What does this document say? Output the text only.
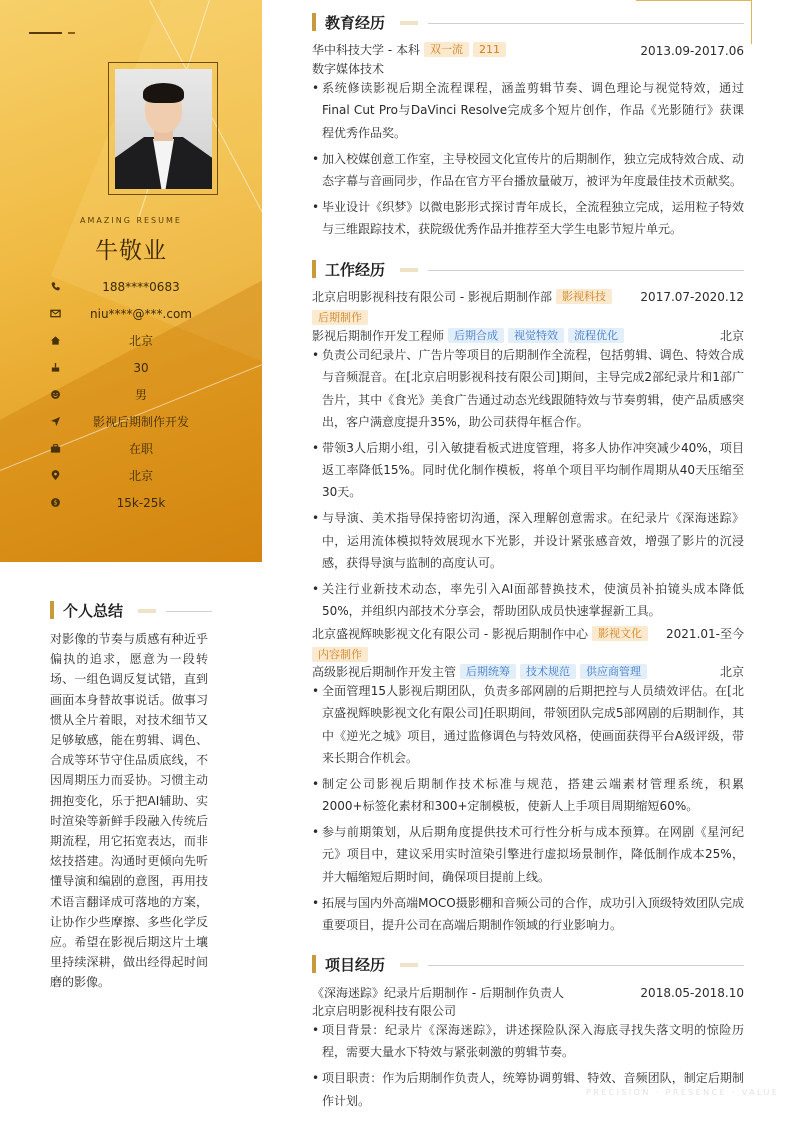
AMAZING RESUME
牛敬业
188****0683
niu****@***.com
北京
30
男
影视后期制作开发
在职
北京
$	15k-25k
个人总结
对影像的节奏与质感有种近乎偏执的追求，愿意为一段转场、一组色调反复试错，直到画面本身替故事说话。做事习惯从全片着眼，对技术细节又足够敏感，能在剪辑、调色、合成等环节守住品质底线，不因周期压力而妥协。习惯主动拥抱变化，乐于把AI辅助、实时渲染等新鲜手段融入传统后期流程，用它拓宽表达，而非炫技搭建。沟通时更倾向先听懂导演和编剧的意图，再用技术语言翻译成可落地的方案，让协作少些摩擦、多些化学反应。希望在影视后期这片土壤里持续深耕，做出经得起时间磨的影像。
教育经历
华中科技大学 - 本科 双一流 211	2013.09-2017.06
数字媒体技术
• 系统修读影视后期全流程课程，涵盖剪辑节奏、调色理论与视觉特效，通过Final Cut Pro与DaVinci Resolve完成多个短片创作，作品《光影随行》获课程优秀作品奖。
• 加入校媒创意工作室，主导校园文化宣传片的后期制作，独立完成特效合成、动态字幕与音画同步，作品在官方平台播放量破万，被评为年度最佳技术贡献奖。
• 毕业设计《织梦》以微电影形式探讨青年成长，全流程独立完成，运用粒子特效与三维跟踪技术，获院级优秀作品并推荐至大学生电影节短片单元。
工作经历
北京启明影视科技有限公司 - 影视后期制作部 影视科技	2017.07-2020.12
后期制作
影视后期制作开发工程师 后期合成 视觉特效 流程优化	北京
• 负责公司纪录片、广告片等项目的后期制作全流程，包括剪辑、调色、特效合成与音频混音。在[北京启明影视科技有限公司]期间，主导完成2部纪录片和1部广告片，其中《食光》美食广告通过动态光线跟随特效与节奏剪辑，使产品质感突出，客户满意度提升35%，助公司获得年框合作。
• 带领3人后期小组，引入敏捷看板式进度管理，将多人协作冲突减少40%，项目返工率降低15%。同时优化制作模板，将单个项目平均制作周期从40天压缩至30天。
• 与导演、美术指导保持密切沟通，深入理解创意需求。在纪录片《深海迷踪》中，运用流体模拟特效展现水下光影，并设计紧张感音效，增强了影片的沉浸感，获得导演与监制的高度认可。
• 关注行业新技术动态，率先引入AI面部替换技术，使演员补拍镜头成本降低50%，并组织内部技术分享会，帮助团队成员快速掌握新工具。
北京盛视辉映影视文化有限公司 - 影视后期制作中心 影视文化	2021.01-至今
内容制作
高级影视后期制作开发主管 后期统筹 技术规范 供应商管理	北京
• 全面管理15人影视后期团队，负责多部网剧的后期把控与人员绩效评估。在[北京盛视辉映影视文化有限公司]任职期间，带领团队完成5部网剧的后期制作，其中《逆光之城》项目，通过监修调色与特效风格，使画面获得平台A级评级，带来长期合作机会。
• 制定公司影视后期制作技术标准与规范，搭建云端素材管理系统，积累2000+标签化素材和300+定制模板，使新人上手项目周期缩短60%。
• 参与前期策划，从后期角度提供技术可行性分析与成本预算。在网剧《星河纪元》项目中，建议采用实时渲染引擎进行虚拟场景制作，降低制作成本25%，并大幅缩短后期时间，确保项目提前上线。
• 拓展与国内外高端MOCO摄影棚和音频公司的合作，成功引入顶级特效团队完成重要项目，提升公司在高端后期制作领域的行业影响力。
项目经历
《深海迷踪》纪录片后期制作 - 后期制作负责人	2018.05-2018.10
北京启明影视科技有限公司
• 项目背景：纪录片《深海迷踪》，讲述探险队深入海底寻找失落文明的惊险历程，需要大量水下特效与紧张刺激的剪辑节奏。
• 项目职责：作为后期制作负责人，统筹协调剪辑、特效、音频团队，制定后期制作计划。
PRECISION · PRESENCE · VALUE
